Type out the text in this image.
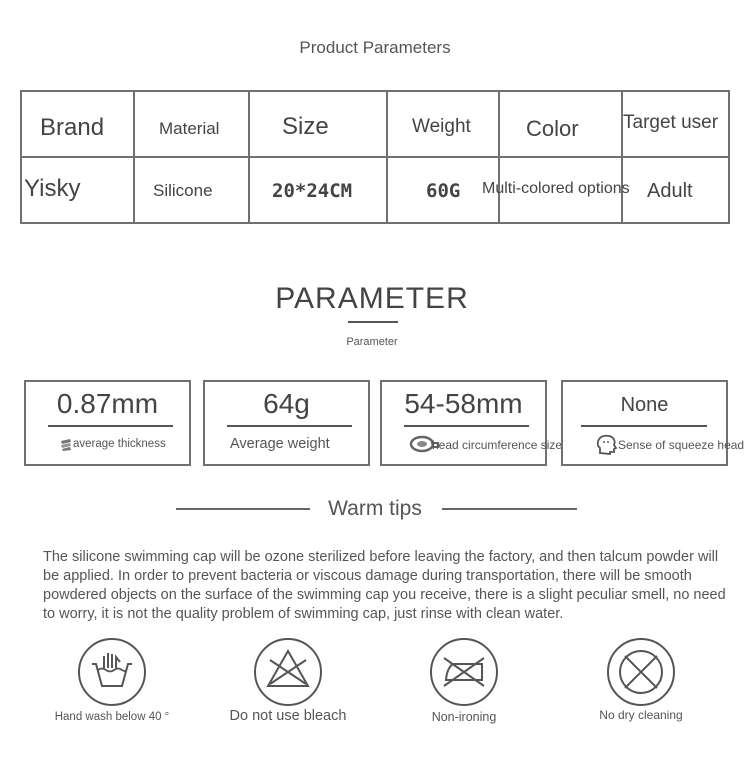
Product Parameters
Brand	Material	Size	Weight	Color	Target user
Yisky	Silicone	20*24CM	60G	Multi-colored options	Adult
PARAMETER
Parameter
0.87mm
average thickness
64g
Average weight
54-58mm
head circumference size
None
Sense of squeeze head
Warm tips
The silicone swimming cap will be ozone sterilized before leaving the factory, and then talcum powder will be applied. In order to prevent bacteria or viscous damage during transportation, there will be smooth powdered objects on the surface of the swimming cap you receive, there is a slight peculiar smell, no need to worry, it is not the quality problem of swimming cap, just rinse with clean water.
Hand wash below 40 °	Do not use bleach	Non-ironing	No dry cleaning
